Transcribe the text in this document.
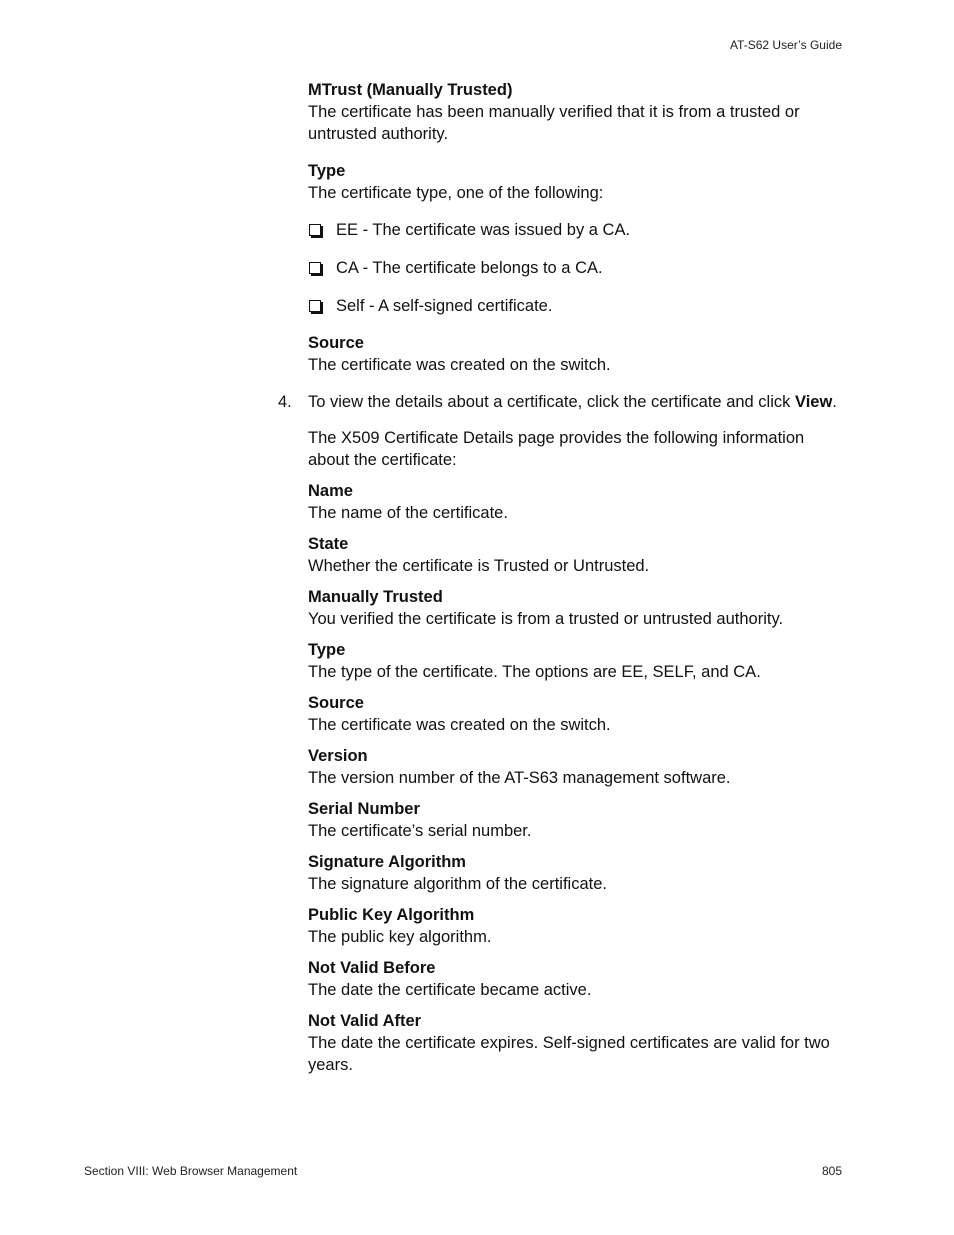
AT-S62 User’s Guide
MTrust (Manually Trusted)
The certificate has been manually verified that it is from a trusted or untrusted authority.
Type
The certificate type, one of the following:
EE - The certificate was issued by a CA.
CA - The certificate belongs to a CA.
Self - A self-signed certificate.
Source
The certificate was created on the switch.
4. To view the details about a certificate, click the certificate and click View.
The X509 Certificate Details page provides the following information about the certificate:
Name
The name of the certificate.
State
Whether the certificate is Trusted or Untrusted.
Manually Trusted
You verified the certificate is from a trusted or untrusted authority.
Type
The type of the certificate. The options are EE, SELF, and CA.
Source
The certificate was created on the switch.
Version
The version number of the AT-S63 management software.
Serial Number
The certificate’s serial number.
Signature Algorithm
The signature algorithm of the certificate.
Public Key Algorithm
The public key algorithm.
Not Valid Before
The date the certificate became active.
Not Valid After
The date the certificate expires. Self-signed certificates are valid for two years.
Section VIII: Web Browser Management	805
